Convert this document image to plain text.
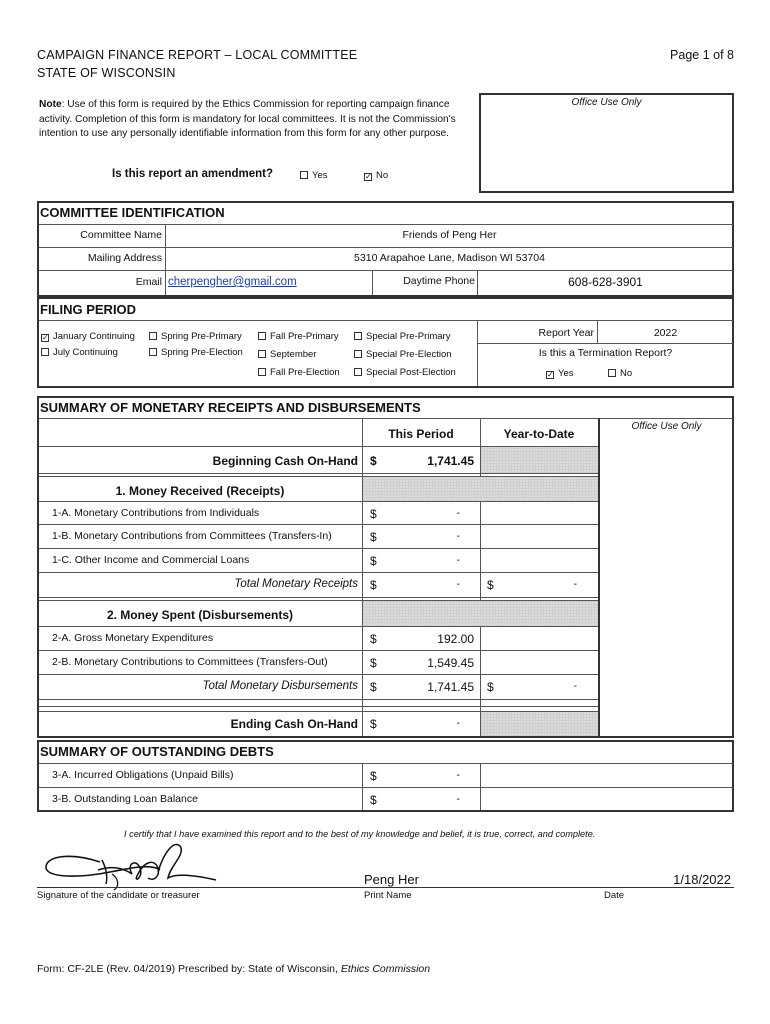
CAMPAIGN FINANCE REPORT – LOCAL COMMITTEE
STATE OF WISCONSIN
Page 1 of 8
Note: Use of this form is required by the Ethics Commission for reporting campaign finance activity. Completion of this form is mandatory for local committees. It is not the Commission's intention to use any personally identifiable information from this form for any other purpose.
Office Use Only
Is this report an amendment?	Yes	✓ No
COMMITTEE IDENTIFICATION
Committee Name	Friends of Peng Her
Mailing Address	5310 Arapahoe Lane, Madison WI 53704
Email cherpengher@gmail.com	Daytime Phone	608-628-3901
FILING PERIOD
✓ January Continuing
July Continuing
Spring Pre-Primary
Spring Pre-Election
Fall Pre-Primary
September
Fall Pre-Election
Special Pre-Primary
Special Pre-Election
Special Post-Election
Report Year	2022
Is this a Termination Report?
✓ Yes	No
SUMMARY OF MONETARY RECEIPTS AND DISBURSEMENTS
Office Use Only
This Period	Year-to-Date
Beginning Cash On-Hand $	1,741.45
1. Money Received (Receipts)
1-A. Monetary Contributions from Individuals	$	-
1-B. Monetary Contributions from Committees (Transfers-In)	$	-
1-C. Other Income and Commercial Loans	$	-
Total Monetary Receipts $	- $	-
2. Money Spent (Disbursements)
2-A. Gross Monetary Expenditures	$	192.00
2-B. Monetary Contributions to Committees (Transfers-Out)	$	1,549.45
Total Monetary Disbursements $	1,741.45 $	-
Ending Cash On-Hand $	-
SUMMARY OF OUTSTANDING DEBTS
3-A. Incurred Obligations (Unpaid Bills)	$	-
3-B. Outstanding Loan Balance	$	-
I certify that I have examined this report and to the best of my knowledge and belief, it is true, correct, and complete.
Peng Her	1/18/2022
Signature of the candidate or treasurer	Print Name	Date
Form: CF-2LE (Rev. 04/2019) Prescribed by: State of Wisconsin, Ethics Commission
